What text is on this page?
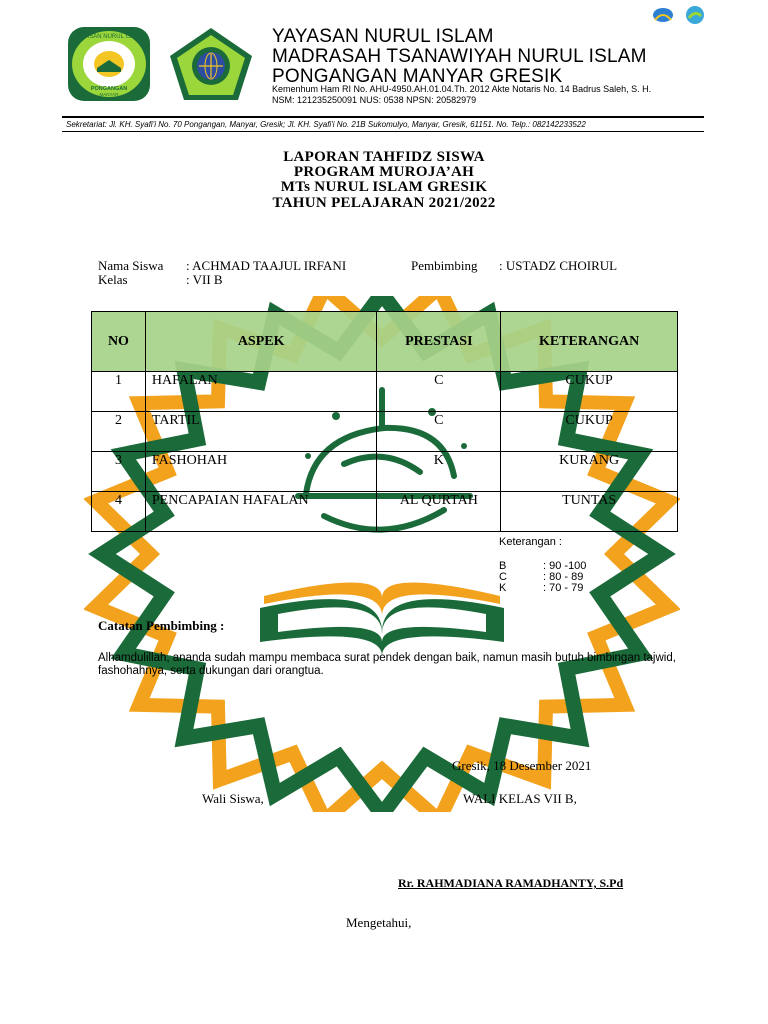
YAYASAN NURUL ISLAM
PONGANGAN
MANYAR
YAYASAN NURUL ISLAM
MADRASAH TSANAWIYAH NURUL ISLAM
PONGANGAN MANYAR GRESIK
Kemenhum Ham RI No. AHU-4950.AH.01.04.Th. 2012 Akte Notaris No. 14 Badrus Saleh, S. H.
NSM: 121235250091 NUS: 0538 NPSN: 20582979
Sekretariat: Jl. KH. Syafi'i No. 70 Pongangan, Manyar, Gresik; Jl. KH. Syafi'i No. 21B Sukomulyo, Manyar, Gresik, 61151. No. Telp.: 082142233522
LAPORAN TAHFIDZ SISWA
PROGRAM MUROJA’AH
MTs NURUL ISLAM GRESIK
TAHUN PELAJARAN 2021/2022
Nama Siswa : ACHMAD TAAJUL IRFANI	Pembimbing : USTADZ CHOIRUL
Kelas	: VII B
NO	ASPEK	PRESTASI	KETERANGAN
1	HAFALAN	C	CUKUP
2	TARTIL	C	CUKUP
3	FASHOHAH	K	KURANG
4	PENCAPAIAN HAFALAN	AL QURTAH	TUNTAS
Keterangan :
B	: 90 -100
C	: 80 - 89
K	: 70 - 79
Catatan Pembimbing :
Alhamdulillah, ananda sudah mampu membaca surat pendek dengan baik, namun masih butuh bimbingan tajwid, fashohahnya, serta dukungan dari orangtua.
Gresik, 18 Desember 2021
Wali Siswa,	WALI KELAS VII B,
Rr. RAHMADIANA RAMADHANTY, S.Pd
Mengetahui,
